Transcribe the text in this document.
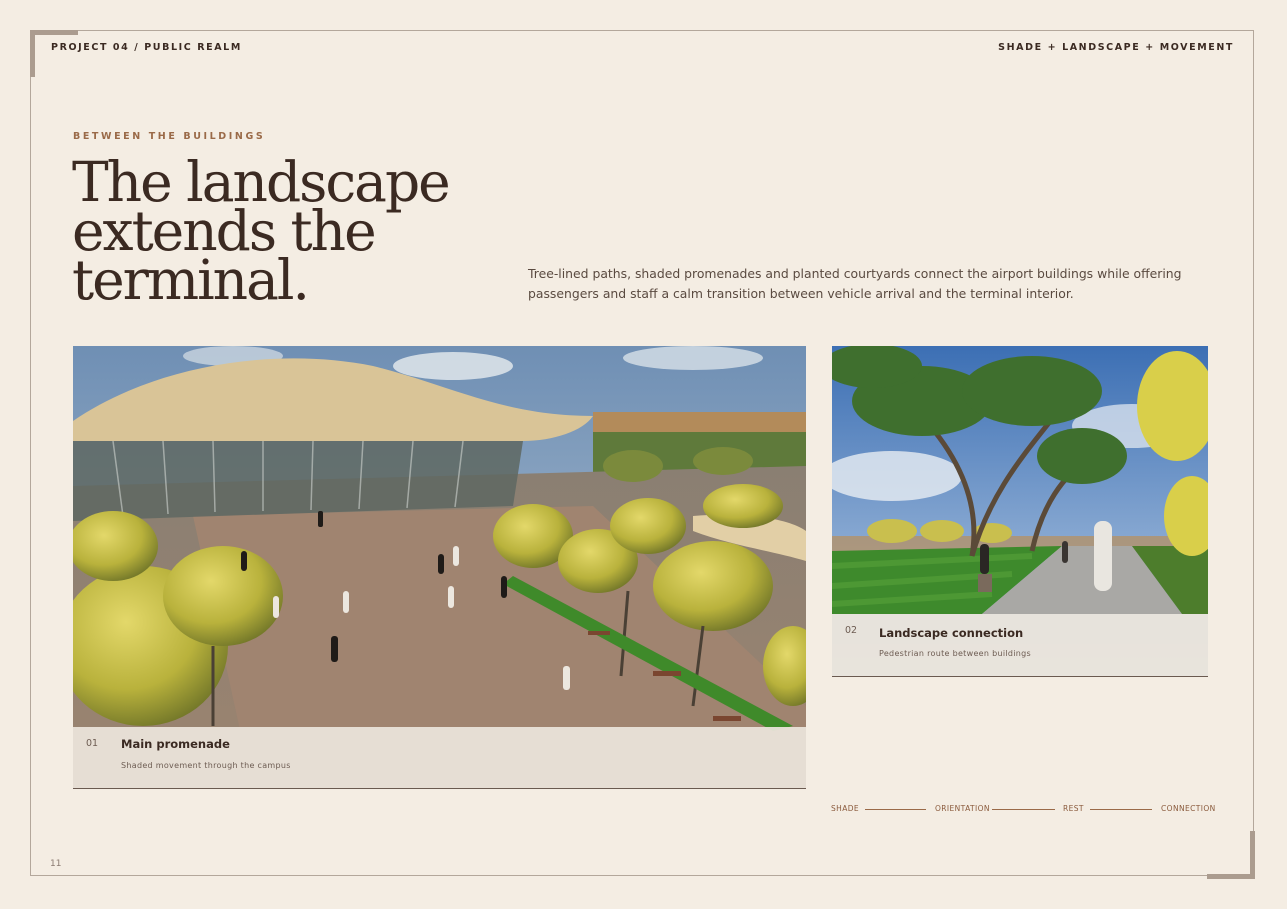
PROJECT 04 / PUBLIC REALM	SHADE + LANDSCAPE + MOVEMENT
BETWEEN THE BUILDINGS
The landscape
extends the
terminal.	Tree-lined paths, shaded promenades and planted courtyards connect the airport buildings while offering passengers and staff a calm transition between vehicle arrival and the terminal interior.
01 Main promenade
Shaded movement through the campus
02 Landscape connection
Pedestrian route between buildings
SHADE	ORIENTATION	REST	CONNECTION
11
